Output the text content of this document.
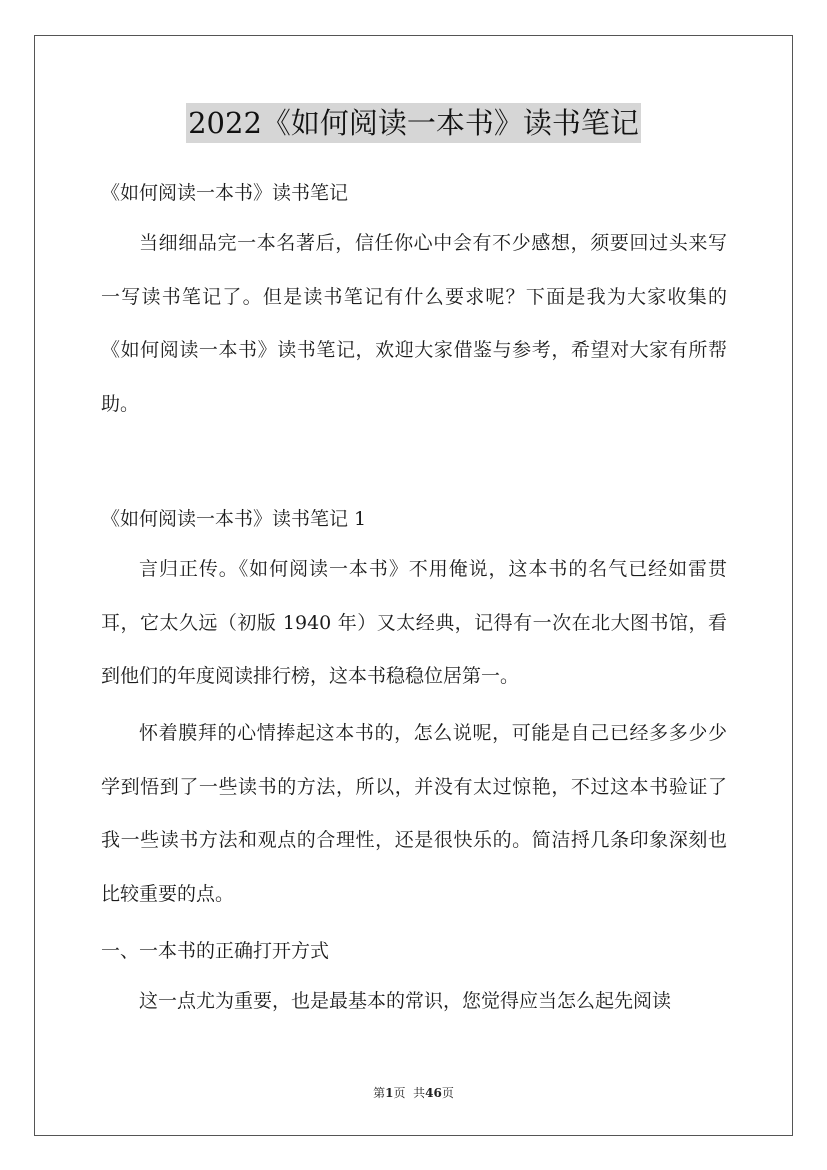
2022《如何阅读一本书》读书笔记
《如何阅读一本书》读书笔记

当细细品完一本名著后，信任你心中会有不少感想，须要回过头来写一写读书笔记了。但是读书笔记有什么要求呢？下面是我为大家收集的《如何阅读一本书》读书笔记，欢迎大家借鉴与参考，希望对大家有所帮助。

《如何阅读一本书》读书笔记 1

言归正传。《如何阅读一本书》不用俺说，这本书的名气已经如雷贯耳，它太久远（初版 1940 年）又太经典，记得有一次在北大图书馆，看到他们的年度阅读排行榜，这本书稳稳位居第一。

怀着膜拜的心情捧起这本书的，怎么说呢，可能是自己已经多多少少学到悟到了一些读书的方法，所以，并没有太过惊艳，不过这本书验证了我一些读书方法和观点的合理性，还是很快乐的。简洁捋几条印象深刻也比较重要的点。

一、一本书的正确打开方式

这一点尤为重要，也是最基本的常识，您觉得应当怎么起先阅读

第1页 共46页
